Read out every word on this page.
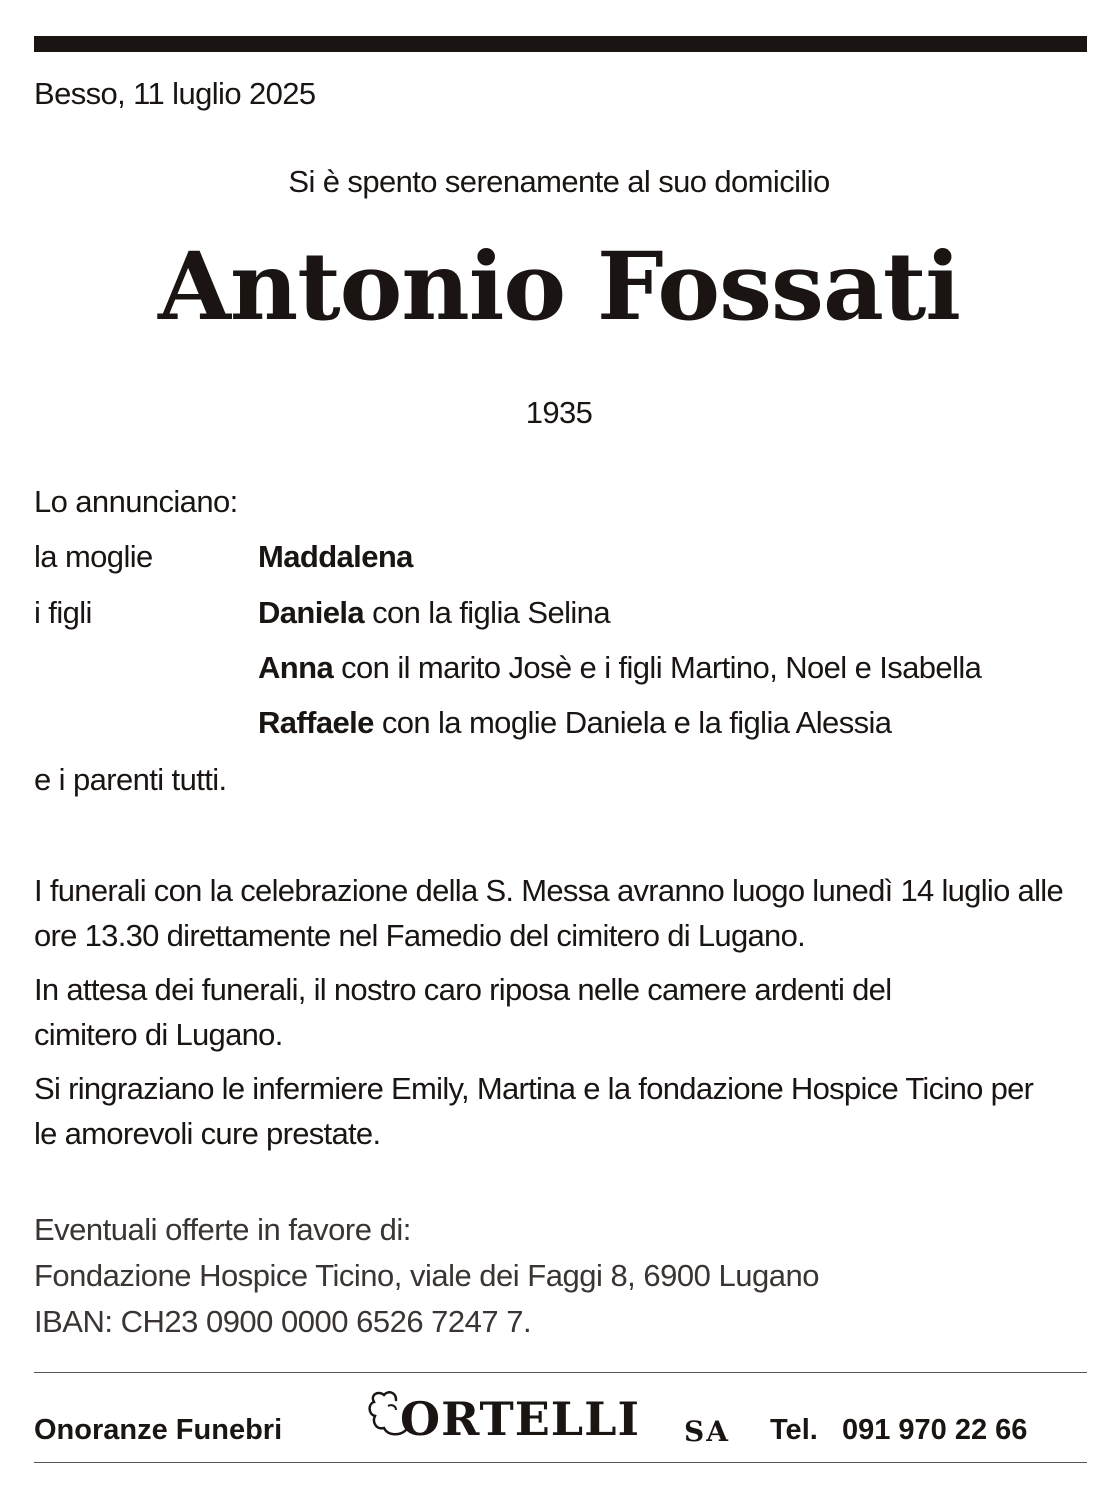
Besso, 11 luglio 2025
Si è spento serenamente al suo domicilio
Antonio Fossati
1935
Lo annunciano:
la moglie	Maddalena
i figli	Daniela con la figlia Selina
Anna con il marito Josè e i figli Martino, Noel e Isabella
Raffaele con la moglie Daniela e la figlia Alessia
e i parenti tutti.

I funerali con la celebrazione della S. Messa avranno luogo lunedì 14 luglio alle ore 13.30 direttamente nel Famedio del cimitero di Lugano.

In attesa dei funerali, il nostro caro riposa nelle camere ardenti del cimitero di Lugano.

Si ringraziano le infermiere Emily, Martina e la fondazione Hospice Ticino per le amorevoli cure prestate.

Eventuali offerte in favore di:
Fondazione Hospice Ticino, viale dei Faggi 8, 6900 Lugano
IBAN: CH23 0900 0000 6526 7247 7.
Onoranze Funebri	ORTELLI SA Tel.   091 970 22 66
